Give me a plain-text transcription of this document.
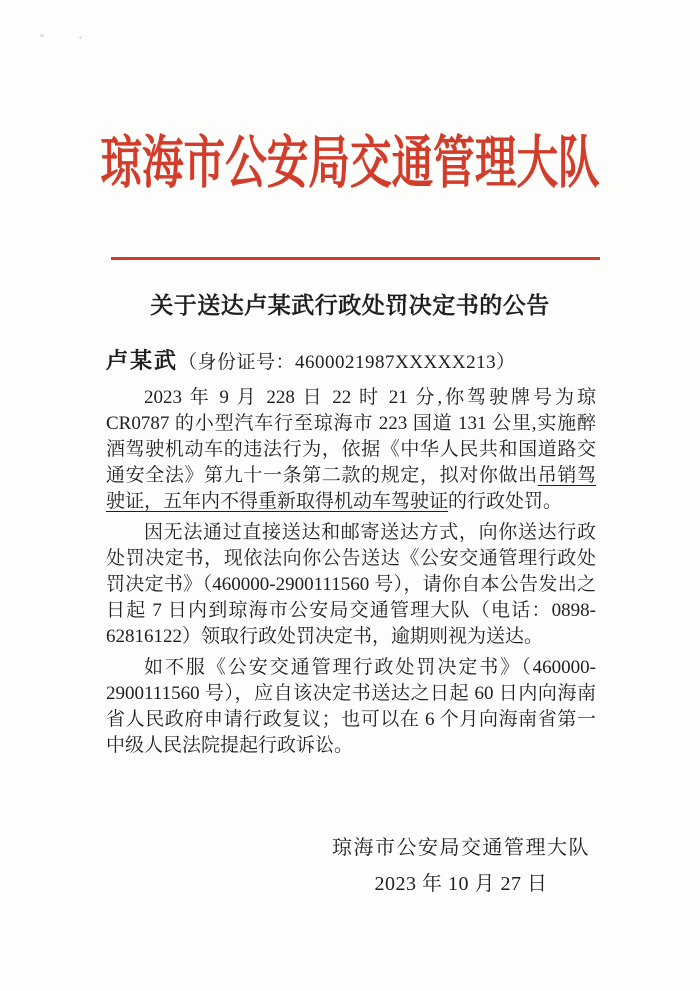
琼海市公安局交通管理大队
关于送达卢某武行政处罚决定书的公告
卢某武（身份证号：4600021987XXXXX213）

2023 年 9 月 228 日 22 时 21 分,你驾驶牌号为琼 CR0787 的小型汽车行至琼海市 223 国道 131 公里,实施醉酒驾驶机动车的违法行为，依据《中华人民共和国道路交通安全法》第九十一条第二款的规定，拟对你做出吊销驾驶证，五年内不得重新取得机动车驾驶证的行政处罚。

因无法通过直接送达和邮寄送达方式，向你送达行政处罚决定书，现依法向你公告送达《公安交通管理行政处罚决定书》（460000-2900111560 号），请你自本公告发出之日起 7 日内到琼海市公安局交通管理大队（电话：0898-62816122）领取行政处罚决定书，逾期则视为送达。

如不服《公安交通管理行政处罚决定书》（460000-2900111560 号），应自该决定书送达之日起 60 日内向海南省人民政府申请行政复议；也可以在 6 个月向海南省第一中级人民法院提起行政诉讼。

琼海市公安局交通管理大队
2023 年 10 月 27 日
